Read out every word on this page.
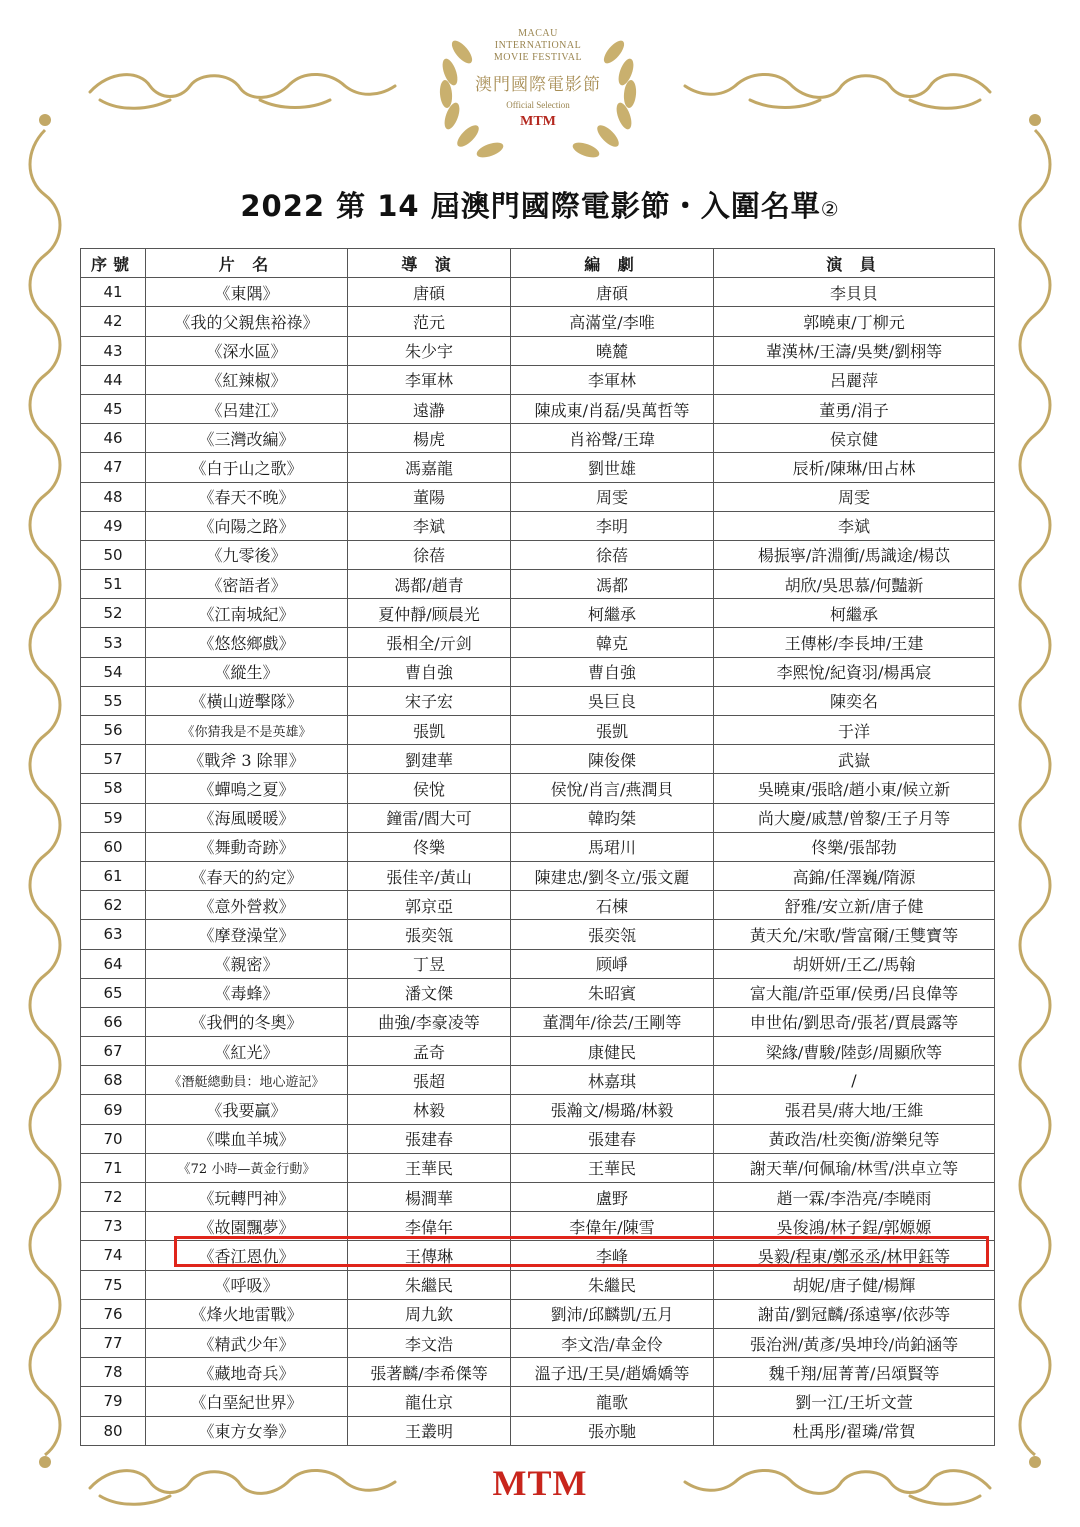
MACAU
INTERNATIONAL
MOVIE FESTIVAL
澳門國際電影節
Official Selection
MTM
2022 第 14 屆澳門國際電影節・入圍名單②
序號	片 名	導 演	編 劇	演 員
41	《東隅》	唐碩	唐碩	李貝貝
42	《我的父親焦裕祿》	范元	高滿堂/李唯	郭曉東/丁柳元
43	《深水區》	朱少宇	曉麓	輩漢林/王濤/吳樊/劉栩等
44	《紅辣椒》	李軍林	李軍林	呂麗萍
45	《呂建江》	遠瀞	陳成東/肖磊/吳萬哲等	董勇/涓子
46	《三灣改編》	楊虎	肖裕聲/王瑋	侯京健
47	《白于山之歌》	馮嘉龍	劉世雄	辰析/陳琳/田占林
48	《春天不晚》	董陽	周雯	周雯
49	《向陽之路》	李斌	李明	李斌
50	《九零後》	徐蓓	徐蓓	楊振寧/許淵衝/馬識途/楊苡
51	《密語者》	馮都/趙青	馮都	胡欣/吳思慕/何豔新
52	《江南城紀》	夏仲靜/顾晨光	柯繼承	柯繼承
53	《悠悠鄉戲》	張相全/亓剑	韓克	王傳彬/李長坤/王建
54	《縱生》	曹自強	曹自強	李熙悅/紀資羽/楊禹宸
55	《橫山遊擊隊》	宋子宏	吳巨良	陳奕名
56	《你猜我是不是英雄》	張凱	張凱	于洋
57	《戰斧 3 除罪》	劉建華	陳俊傑	武嶽
58	《蟬鳴之夏》	侯悅	侯悅/肖言/燕潤貝	吳曉東/張晗/趙小東/候立新
59	《海風暖暖》	鐘雷/閻大可	韓昀桀	尚大慶/戚慧/曾黎/王子月等
60	《舞動奇跡》	佟樂	馬珺川	佟樂/張郜勃
61	《春天的約定》	張佳辛/黃山	陳建忠/劉冬立/張文麗	高錦/任澤巍/隋源
62	《意外營救》	郭京亞	石棟	舒雅/安立新/唐子健
63	《摩登澡堂》	張奕瓴	張奕瓴	黃天允/宋歌/訾富爾/王雙寶等
64	《親密》	丁昱	顾崢	胡妍妍/王乙/馬翰
65	《毒蜂》	潘文傑	朱昭賓	富大龍/許亞軍/侯勇/呂良偉等
66	《我們的冬奧》	曲強/李豪凌等	董潤年/徐芸/王剛等	申世佑/劉思奇/張茗/賈晨露等
67	《紅光》	孟奇	康健民	梁緣/曹駿/陸彭/周顯欣等
68	《潛艇總動員：地心遊記》	張超	林嘉琪	/
69	《我要贏》	林毅	張瀚文/楊璐/林毅	張君昊/蔣大地/王維
70	《喋血羊城》	張建春	張建春	黃政浩/杜奕衡/游樂兒等
71	《72 小時—黃金行動》	王華民	王華民	謝天華/何佩瑜/林雪/洪卓立等
72	《玩轉門神》	楊澗華	盧野	趙一霖/李浩亮/李曉雨
73	《故園飄夢》	李偉年	李偉年/陳雪	吳俊鴻/林子鋥/郭嫄嫄
74	《香江恩仇》	王傳琳	李峰	吳毅/程東/鄭丞丞/林甲鈺等
75	《呼吸》	朱繼民	朱繼民	胡妮/唐子健/楊輝
76	《烽火地雷戰》	周九欽	劉沛/邱麟凱/五月	謝苗/劉冠麟/孫遠寧/依莎等
77	《精武少年》	李文浩	李文浩/韋金伶	張治洲/黃彥/吳坤玲/尚鉑涵等
78	《藏地奇兵》	張著麟/李希傑等	溫子迅/王昊/趙嬌嬌等	魏千翔/屈菁菁/呂頌賢等
79	《白堊紀世界》	龍仕京	龍歌	劉一江/王圻文萱
80	《東方女拳》	王叢明	張亦馳	杜禹彤/翟璘/常賀
MTM
